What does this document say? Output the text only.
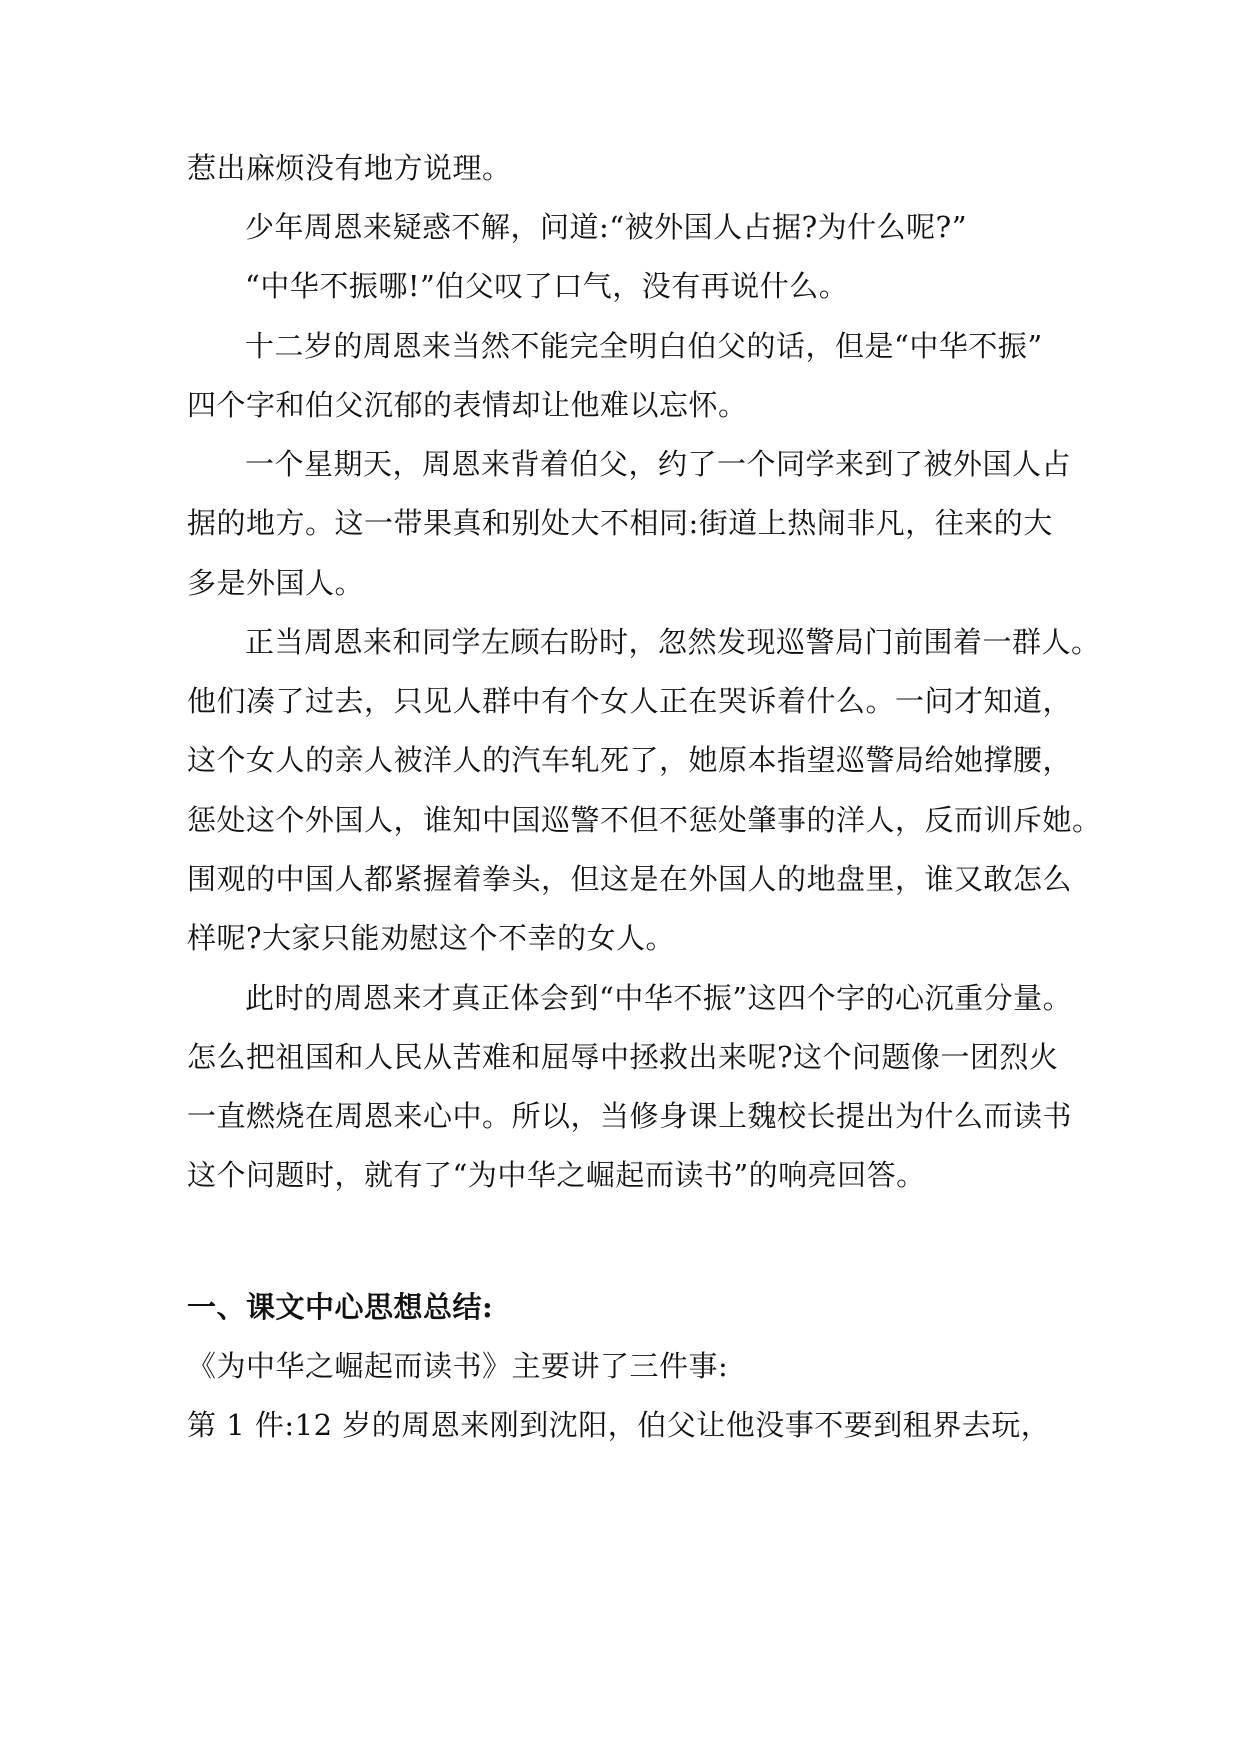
惹出麻烦没有地方说理。
少年周恩来疑惑不解，问道:“被外国人占据?为什么呢?”
“中华不振哪!”伯父叹了口气，没有再说什么。
十二岁的周恩来当然不能完全明白伯父的话，但是“中华不振”
四个字和伯父沉郁的表情却让他难以忘怀。
一个星期天，周恩来背着伯父，约了一个同学来到了被外国人占
据的地方。这一带果真和别处大不相同:街道上热闹非凡，往来的大
多是外国人。
正当周恩来和同学左顾右盼时，忽然发现巡警局门前围着一群人。
他们凑了过去，只见人群中有个女人正在哭诉着什么。一问才知道，
这个女人的亲人被洋人的汽车轧死了，她原本指望巡警局给她撑腰，
惩处这个外国人，谁知中国巡警不但不惩处肇事的洋人，反而训斥她。
围观的中国人都紧握着拳头，但这是在外国人的地盘里，谁又敢怎么
样呢?大家只能劝慰这个不幸的女人。
此时的周恩来才真正体会到“中华不振”这四个字的心沉重分量。
怎么把祖国和人民从苦难和屈辱中拯救出来呢?这个问题像一团烈火
一直燃烧在周恩来心中。所以，当修身课上魏校长提出为什么而读书
这个问题时，就有了“为中华之崛起而读书”的响亮回答。
一、课文中心思想总结:
《为中华之崛起而读书》主要讲了三件事:
第 1 件:12 岁的周恩来刚到沈阳，伯父让他没事不要到租界去玩，
